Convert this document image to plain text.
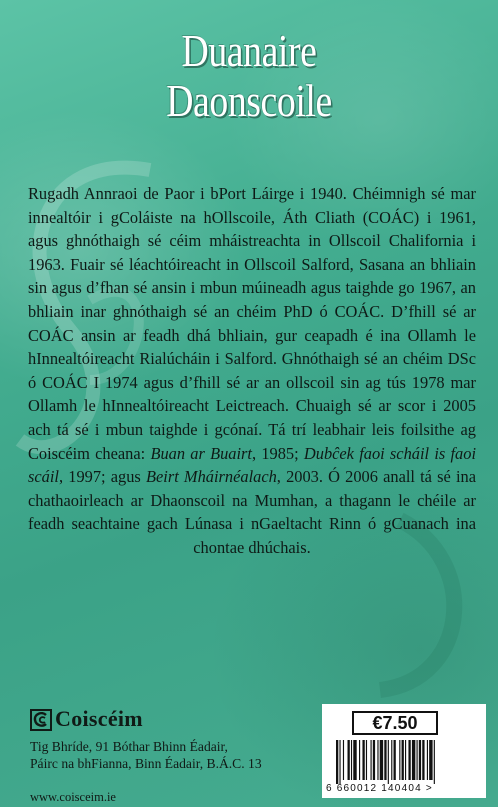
Duanaire
Daonscoile

Rugadh Annraoi de Paor i bPort Láirge i 1940. Chéimnigh sé mar innealtóir i gColáiste na hOllscoile, Áth Cliath (COÁC) i 1961, agus ghnóthaigh sé céim mháistreachta in Ollscoil Chalifornia i 1963. Fuair sé léachtóireacht in Ollscoil Salford, Sasana an bhliain sin agus d’fhan sé ansin i mbun múineadh agus taighde go 1967, an bhliain inar ghnóthaigh sé an chéim PhD ó COÁC. D’fhill sé ar COÁC ansin ar feadh dhá bhliain, gur ceapadh é ina Ollamh le hInnealtóireacht Rialúcháin i Salford. Ghnóthaigh sé an chéim DSc ó COÁC I 1974 agus d’fhill sé ar an ollscoil sin ag tús 1978 mar Ollamh le hInnealtóireacht Leictreach. Chuaigh sé ar scor i 2005 ach tá sé i mbun taighde i gcónaí. Tá trí leabhair leis foilsithe ag Coiscéim cheana: Buan ar Buairt, 1985; Dubĉek faoi scháil is faoi scáil, 1997; agus Beirt Mháirnéalach, 2003. Ó 2006 anall tá sé ina chathaoirleach ar Dhaonscoil na Mumhan, a thagann le chéile ar feadh seachtaine gach Lúnasa i nGaeltacht Rinn ó gCuanach ina chontae dhúchais.

Coiscéim
Tig Bhríde, 91 Bóthar Bhinn Éadair,
Páirc na bhFianna, Binn Éadair, B.Á.C. 13
www.coisceim.ie
€7.50
6 660012 140404 >
